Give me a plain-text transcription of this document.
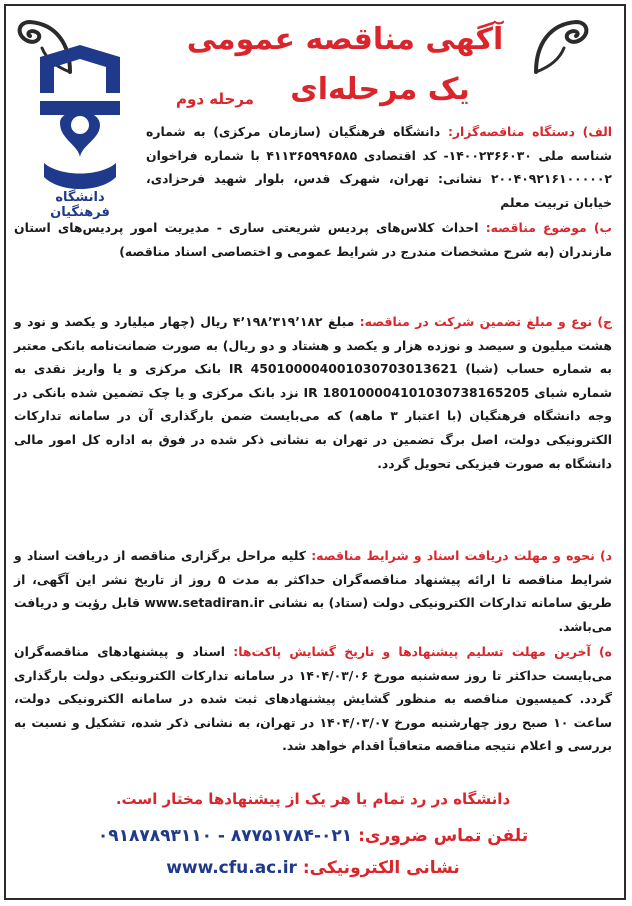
دانشگاه فرهنگیان
آگهی مناقصه عمومی
یک مرحله‌ای
مرحله دوم
الف) دستگاه مناقصه‌گزار: دانشگاه فرهنگیان (سازمان مرکزی) به شماره شناسه ملی ۱۴۰۰۲۳۶۶۰۳۰- کد اقتصادی ۴۱۱۳۶۵۹۹۶۵۸۵ با شماره فراخوان ۲۰۰۴۰۹۲۱۶۱۰۰۰۰۰۲ نشانی: تهران، شهرک قدس، بلوار شهید فرحزادی، خیابان تربیت معلم
ب) موضوع مناقصه: احداث کلاس‌های پردیس شریعتی ساری - مدیریت امور پردیس‌های استان مازندران (به شرح مشخصات مندرج در شرایط عمومی و اختصاصی اسناد مناقصه)
ج) نوع و مبلغ تضمین شرکت در مناقصه: مبلغ ۴٬۱۹۸٬۳۱۹٬۱۸۲ ریال (چهار میلیارد و یکصد و نود و هشت میلیون و سیصد و نوزده هزار و یکصد و هشتاد و دو ریال) به صورت ضمانت‌نامه بانکی معتبر به شماره حساب (شبا) IR 450100004001030703013621 بانک مرکزی و یا واریز نقدی به شماره شبای IR 180100004101030738165205 نزد بانک مرکزی و یا چک تضمین شده بانکی در وجه دانشگاه فرهنگیان (با اعتبار ۳ ماهه) که می‌بایست ضمن بارگذاری آن در سامانه تدارکات الکترونیکی دولت، اصل برگ تضمین در تهران به نشانی ذکر شده در فوق به اداره کل امور مالی دانشگاه به صورت فیزیکی تحویل گردد.
د) نحوه و مهلت دریافت اسناد و شرایط مناقصه: کلیه مراحل برگزاری مناقصه از دریافت اسناد و شرایط مناقصه تا ارائه پیشنهاد مناقصه‌گران حداکثر به مدت ۵ روز از تاریخ نشر این آگهی، از طریق سامانه تدارکات الکترونیکی دولت (ستاد) به نشانی www.setadiran.ir قابل رؤیت و دریافت می‌باشد.
ه) آخرین مهلت تسلیم پیشنهادها و تاریخ گشایش پاکت‌ها: اسناد و پیشنهادهای مناقصه‌گران می‌بایست حداکثر تا روز سه‌شنبه مورخ ۱۴۰۴/۰۳/۰۶ در سامانه تدارکات الکترونیکی دولت بارگذاری گردد. کمیسیون مناقصه به منظور گشایش پیشنهادهای ثبت شده در سامانه الکترونیکی دولت، ساعت ۱۰ صبح روز چهارشنبه مورخ ۱۴۰۴/۰۳/۰۷ در تهران، به نشانی ذکر شده، تشکیل و نسبت به بررسی و اعلام نتیجه مناقصه متعاقباً اقدام خواهد شد.
دانشگاه در رد تمام یا هر یک از پیشنهادها مختار است.
تلفن تماس ضروری: ۰۲۱-۸۷۷۵۱۷۸۴ - ۰۹۱۸۷۸۹۳۱۱۰
نشانی الکترونیکی: www.cfu.ac.ir
